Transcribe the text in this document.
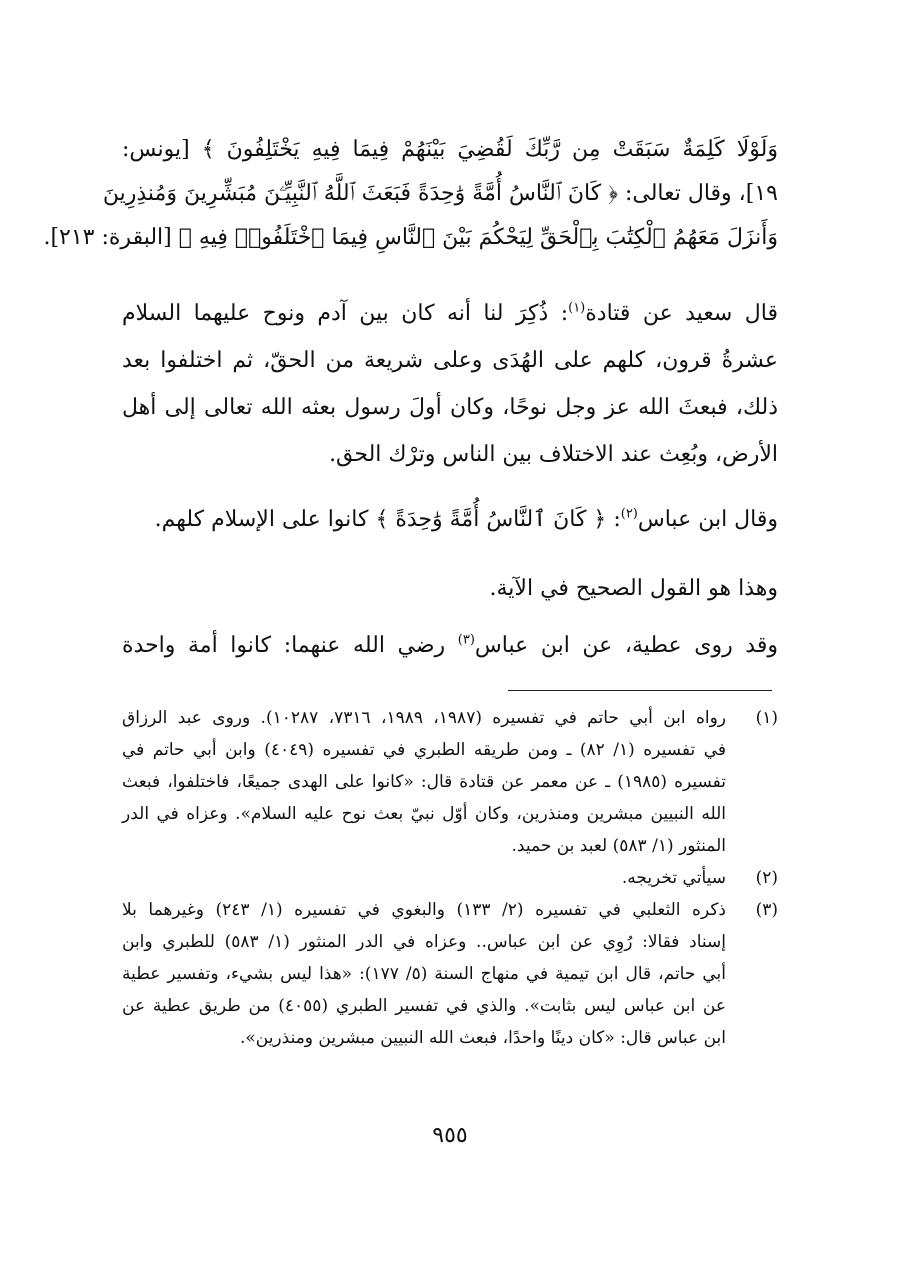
وَلَوْلَا كَلِمَةٌ سَبَقَتْ مِن رَّبِّكَ لَقُضِيَ بَيْنَهُمْ فِيمَا فِيهِ يَخْتَلِفُونَ ﴾ [يونس:
١٩]، وقال تعالى: ﴿ كَانَ ٱلنَّاسُ أُمَّةً وَٰحِدَةً فَبَعَثَ ٱللَّهُ ٱلنَّبِيِّـۧنَ مُبَشِّرِينَ وَمُنذِرِينَ
وَأَنزَلَ مَعَهُمُ ٱلْكِتَٰبَ بِٱلْحَقِّ لِيَحْكُمَ بَيْنَ ٱلنَّاسِ فِيمَا ٱخْتَلَفُوا۟ فِيهِ ﴾ [البقرة: ٢١٣].
قال سعيد عن قتادة$^{(١)}$: ذُكِرَ لنا أنه كان بين آدم ونوح عليهما السلام
عشرةُ قرون، كلهم على الهُدَى وعلى شريعة من الحقّ، ثم اختلفوا بعد
ذلك، فبعثَ الله عز وجل نوحًا، وكان أولَ رسول بعثه الله تعالى إلى أهل
الأرض، وبُعِث عند الاختلاف بين الناس وترْك الحق.
وقال ابن عباس$^{(٢)}$: ﴿ كَانَ ٱلنَّاسُ أُمَّةً وَٰحِدَةً ﴾ كانوا على الإسلام كلهم.
وهذا هو القول الصحيح في الآية.
وقد روى عطية، عن ابن عباس$^{(٣)}$ رضي الله عنهما: كانوا أمة واحدة
(١)
رواه ابن أبي حاتم في تفسيره (١٩٨٧، ١٩٨٩، ٧٣١٦، ١٠٢٨٧). وروى عبد الرزاق
في تفسيره (١/ ٨٢) ـ ومن طريقه الطبري في تفسيره (٤٠٤٩) وابن أبي حاتم في
تفسيره (١٩٨٥) ـ عن معمر عن قتادة قال: «كانوا على الهدى جميعًا، فاختلفوا، فبعث
الله النبيين مبشرين ومنذرين، وكان أوّل نبيّ بعث نوح عليه السلام». وعزاه في الدر
المنثور (١/ ٥٨٣) لعبد بن حميد.
(٢)
سيأتي تخريجه.
(٣)
ذكره الثعلبي في تفسيره (٢/ ١٣٣) والبغوي في تفسيره (١/ ٢٤٣) وغيرهما بلا
إسناد فقالا: رُوِي عن ابن عباس.. وعزاه في الدر المنثور (١/ ٥٨٣) للطبري وابن
أبي حاتم، قال ابن تيمية في منهاج السنة (٥/ ١٧٧): «هذا ليس بشيء، وتفسير عطية
عن ابن عباس ليس بثابت». والذي في تفسير الطبري (٤٠٥٥) من طريق عطية عن
ابن عباس قال: «كان دينًا واحدًا، فبعث الله النبيين مبشرين ومنذرين».
٩٥٥
